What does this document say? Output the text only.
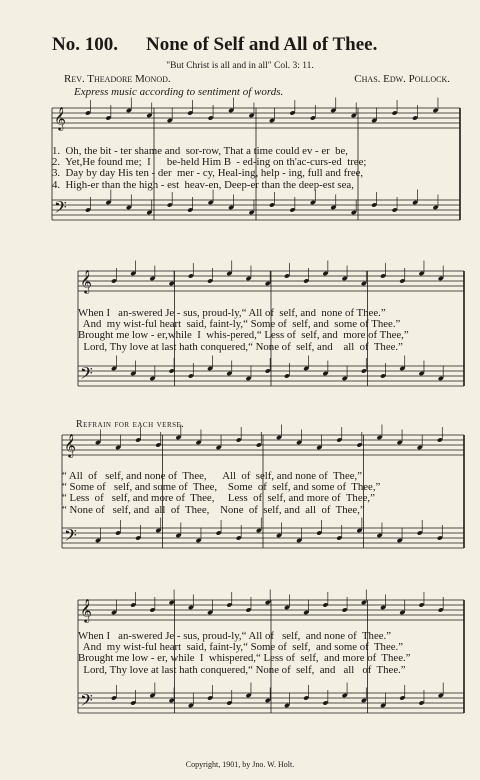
No. 100. None of Self and All of Thee.
"But Christ is all and in all" Col. 3: 11.
Rev. Theadore Monod.	Chas. Edw. Pollock.
Express music according to sentiment of words.
𝄞
𝄢
𝄞
𝄢
𝄞
𝄢
𝄞
𝄢
1.  Oh, the bit - ter shame and  sor-row, That a time could ev - er  be,
2.  Yet,He found me;  I      be-held Him B  - ed-ing on th'ac-curs-ed  tree;
3.  Day by day His ten - der  mer - cy, Heal-ing, help - ing, full and free,
4.  High-er than the high - est  heav-en, Deep-er than the deep-est sea,
When I   an-swered Je - sus, proud-ly,“ All of  self, and  none of Thee.”
And  my wist-ful heart  said, faint-ly,“ Some of  self, and  some of Thee.”
Brought me low - er,while  I  whis-pered,“ Less of  self, and  more of Thee,”
Lord, Thy love at last hath conquered,“ None of  self, and    all  of  Thee.”
Refrain for each verse.
“ All  of   self, and none of  Thee,      All  of  self, and none of  Thee,”
“ Some of   self, and some of  Thee,    Some  of  self, and some of  Thee,”
“ Less  of   self, and more of  Thee,     Less  of  self, and more of  Thee,”
“ None of   self, and  all  of  Thee,    None  of  self, and  all  of  Thee,”
When I   an-swered Je - sus, proud-ly,“ All of   self,  and none of  Thee.”
And  my wist-ful heart  said, faint-ly,“ Some of  self,  and some of  Thee.”
Brought me low - er, while  I  whispered,“ Less of  self,  and more of  Thee.”
Lord, Thy love at last hath conquered,“ None of  self,  and   all   of  Thee.”
Copyright, 1901, by Jno. W. Holt.
